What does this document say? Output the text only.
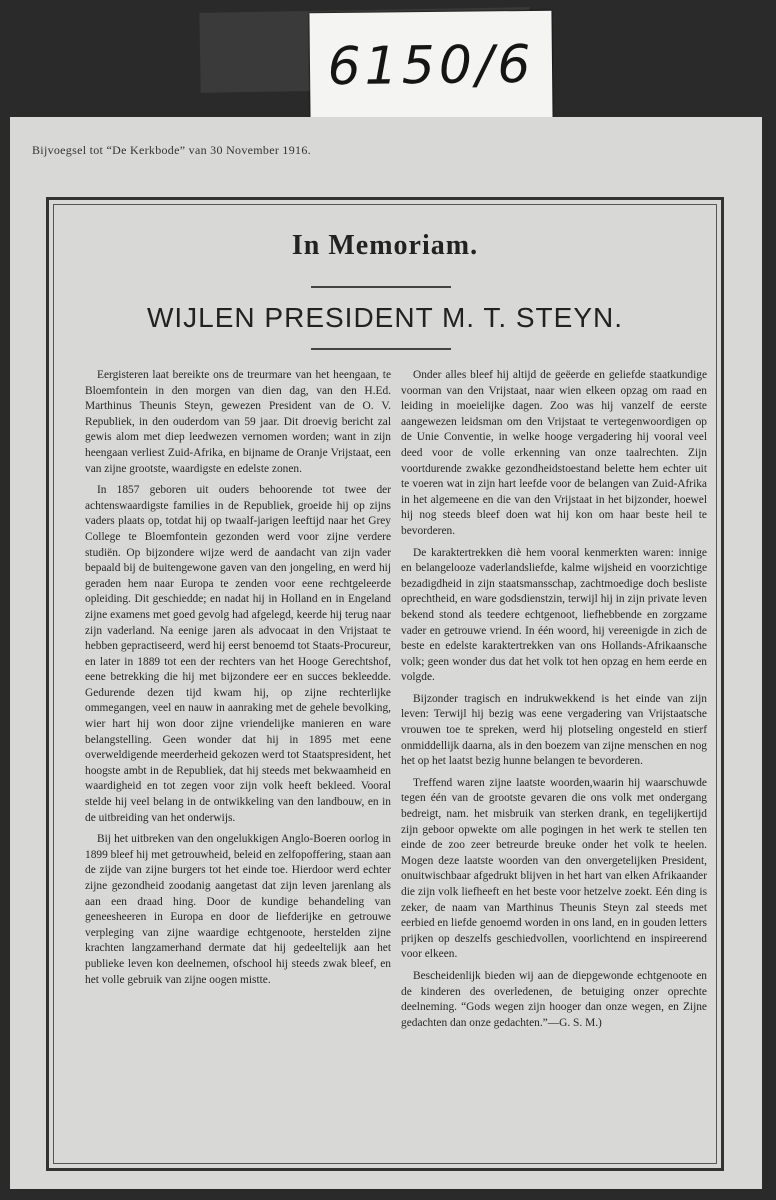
6150/6
Bijvoegsel tot “De Kerkbode” van 30 November 1916.
In Memoriam.
WIJLEN PRESIDENT M. T. STEYN.

Eergisteren laat bereikte ons de treurmare van het heengaan, te Bloemfontein in den morgen van dien dag, van den H.Ed. Marthinus Theunis Steyn, gewezen President van de O. V. Republiek, in den ouderdom van 59 jaar. Dit droevig bericht zal gewis alom met diep leedwezen vernomen worden; want in zijn heengaan verliest Zuid-Afrika, en bijname de Oranje Vrijstaat, een van zijne grootste, waardigste en edelste zonen.

In 1857 geboren uit ouders behoorende tot twee der achtenswaardigste families in de Republiek, groeide hij op zijns vaders plaats op, totdat hij op twaalf-jarigen leeftijd naar het Grey College te Bloemfontein gezonden werd voor zijne verdere studiën. Op bijzondere wijze werd de aandacht van zijn vader bepaald bij de buitengewone gaven van den jongeling, en werd hij geraden hem naar Europa te zenden voor eene rechtgeleerde opleiding. Dit geschiedde; en nadat hij in Holland en in Engeland zijne examens met goed gevolg had afgelegd, keerde hij terug naar zijn vaderland. Na eenige jaren als advocaat in den Vrijstaat te hebben gepractiseerd, werd hij eerst benoemd tot Staats-Procureur, en later in 1889 tot een der rechters van het Hooge Gerechtshof, eene betrekking die hij met bijzondere eer en succes bekleedde. Gedurende dezen tijd kwam hij, op zijne rechterlijke ommegangen, veel en nauw in aanraking met de gehele bevolking, wier hart hij won door zijne vriendelijke manieren en ware belangstelling. Geen wonder dat hij in 1895 met eene overweldigende meerderheid gekozen werd tot Staatspresident, het hoogste ambt in de Republiek, dat hij steeds met bekwaamheid en waardigheid en tot zegen voor zijn volk heeft bekleed. Vooral stelde hij veel belang in de ontwikkeling van den landbouw, en in de uitbreiding van het onderwijs.

Bij het uitbreken van den ongelukkigen Anglo-Boeren oorlog in 1899 bleef hij met getrouwheid, beleid en zelfopoffering, staan aan de zijde van zijne burgers tot het einde toe. Hierdoor werd echter zijne gezondheid zoodanig aangetast dat zijn leven jarenlang als aan een draad hing. Door de kundige behandeling van geneesheeren in Europa en door de liefderijke en getrouwe verpleging van zijne waardige echtgenoote, herstelden zijne krachten langzamerhand dermate dat hij gedeeltelijk aan het publieke leven kon deelnemen, ofschool hij steeds zwak bleef, en het volle gebruik van zijne oogen mistte.

Onder alles bleef hij altijd de geëerde en geliefde staatkundige voorman van den Vrijstaat, naar wien elkeen opzag om raad en leiding in moeielijke dagen. Zoo was hij vanzelf de eerste aangewezen leidsman om den Vrijstaat te vertegenwoordigen op de Unie Conventie, in welke hooge vergadering hij vooral veel deed voor de volle erkenning van onze taalrechten. Zijn voortdurende zwakke gezondheidstoestand belette hem echter uit te voeren wat in zijn hart leefde voor de belangen van Zuid-Afrika in het algemeene en die van den Vrijstaat in het bijzonder, hoewel hij nog steeds bleef doen wat hij kon om haar beste heil te bevorderen.

De karaktertrekken diè hem vooral kenmerkten waren: innige en belangelooze vaderlandsliefde, kalme wijsheid en voorzichtige bezadigdheid in zijn staatsmansschap, zachtmoedige doch besliste oprechtheid, en ware godsdienstzin, terwijl hij in zijn private leven bekend stond als teedere echtgenoot, liefhebbende en zorgzame vader en getrouwe vriend. In één woord, hij vereenigde in zich de beste en edelste karaktertrekken van ons Hollands-Afrikaansche volk; geen wonder dus dat het volk tot hen opzag en hem eerde en volgde.

Bijzonder tragisch en indrukwekkend is het einde van zijn leven: Terwijl hij bezig was eene vergadering van Vrijstaatsche vrouwen toe te spreken, werd hij plotseling ongesteld en stierf onmiddellijk daarna, als in den boezem van zijne menschen en nog het op het laatst bezig hunne belangen te bevorderen.

Treffend waren zijne laatste woorden,waarin hij waarschuwde tegen één van de grootste gevaren die ons volk met ondergang bedreigt, nam. het misbruik van sterken drank, en tegelijkertijd zijn geboor opwekte om alle pogingen in het werk te stellen ten einde de zoo zeer betreurde breuke onder het volk te heelen. Mogen deze laatste woorden van den onvergetelijken President, onuitwischbaar afgedrukt blijven in het hart van elken Afrikaander die zijn volk liefheeft en het beste voor hetzelve zoekt. Eén ding is zeker, de naam van Marthinus Theunis Steyn zal steeds met eerbied en liefde genoemd worden in ons land, en in gouden letters prijken op deszelfs geschiedvollen, voorlichtend en inspireerend voor elkeen.

Bescheidenlijk bieden wij aan de diepgewonde echtgenoote en de kinderen des overledenen, de betuiging onzer oprechte deelneming. “Gods wegen zijn hooger dan onze wegen, en Zijne gedachten dan onze gedachten.”—G. S. M.)
